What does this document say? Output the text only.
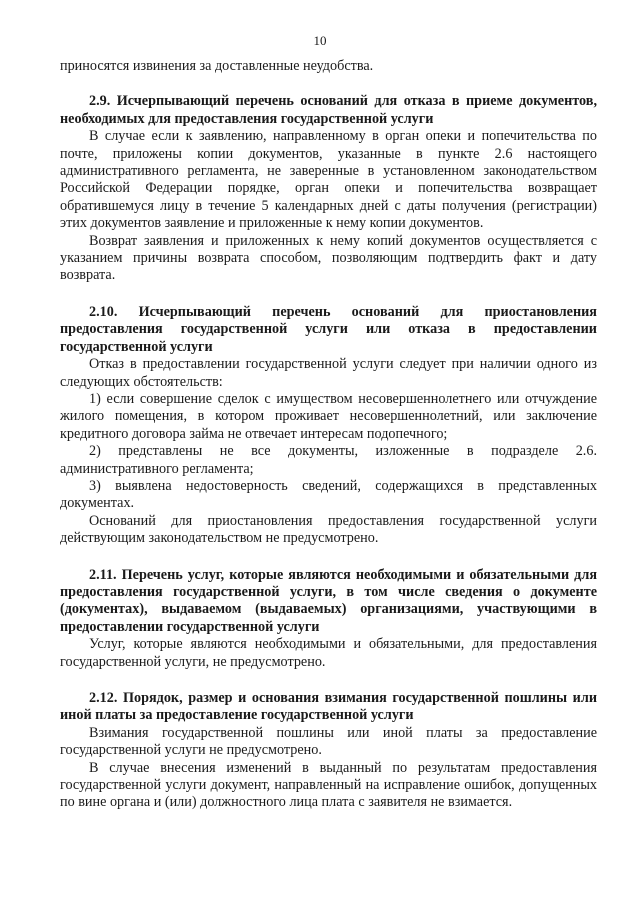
10

приносятся извинения за доставленные неудобства.

2.9. Исчерпывающий перечень оснований для отказа в приеме документов, необходимых для предоставления государственной услуги

В случае если к заявлению, направленному в орган опеки и попечительства по почте, приложены копии документов, указанные в пункте 2.6 настоящего административного регламента, не заверенные в установленном законодательством Российской Федерации порядке, орган опеки и попечительства возвращает обратившемуся лицу в течение 5 календарных дней с даты получения (регистрации) этих документов заявление и приложенные к нему копии документов.

Возврат заявления и приложенных к нему копий документов осуществляется с указанием причины возврата способом, позволяющим подтвердить факт и дату возврата.

2.10. Исчерпывающий перечень оснований для приостановления предоставления государственной услуги или отказа в предоставлении государственной услуги

Отказ в предоставлении государственной услуги следует при наличии одного из следующих обстоятельств:

1) если совершение сделок с имуществом несовершеннолетнего или отчуждение жилого помещения, в котором проживает несовершеннолетний, или заключение кредитного договора займа не отвечает интересам подопечного;

2) представлены не все документы, изложенные в подразделе 2.6. административного регламента;

3) выявлена недостоверность сведений, содержащихся в представленных документах.

Оснований для приостановления предоставления государственной услуги действующим законодательством не предусмотрено.

2.11. Перечень услуг, которые являются необходимыми и обязательными для предоставления государственной услуги, в том числе сведения о документе (документах), выдаваемом (выдаваемых) организациями, участвующими в предоставлении государственной услуги

Услуг, которые являются необходимыми и обязательными, для предоставления государственной услуги, не предусмотрено.

2.12. Порядок, размер и основания взимания государственной пошлины или иной платы за предоставление государственной услуги

Взимания государственной пошлины или иной платы за предоставление государственной услуги не предусмотрено.

В случае внесения изменений в выданный по результатам предоставления государственной услуги документ, направленный на исправление ошибок, допущенных по вине органа и (или) должностного лица плата с заявителя не взимается.
